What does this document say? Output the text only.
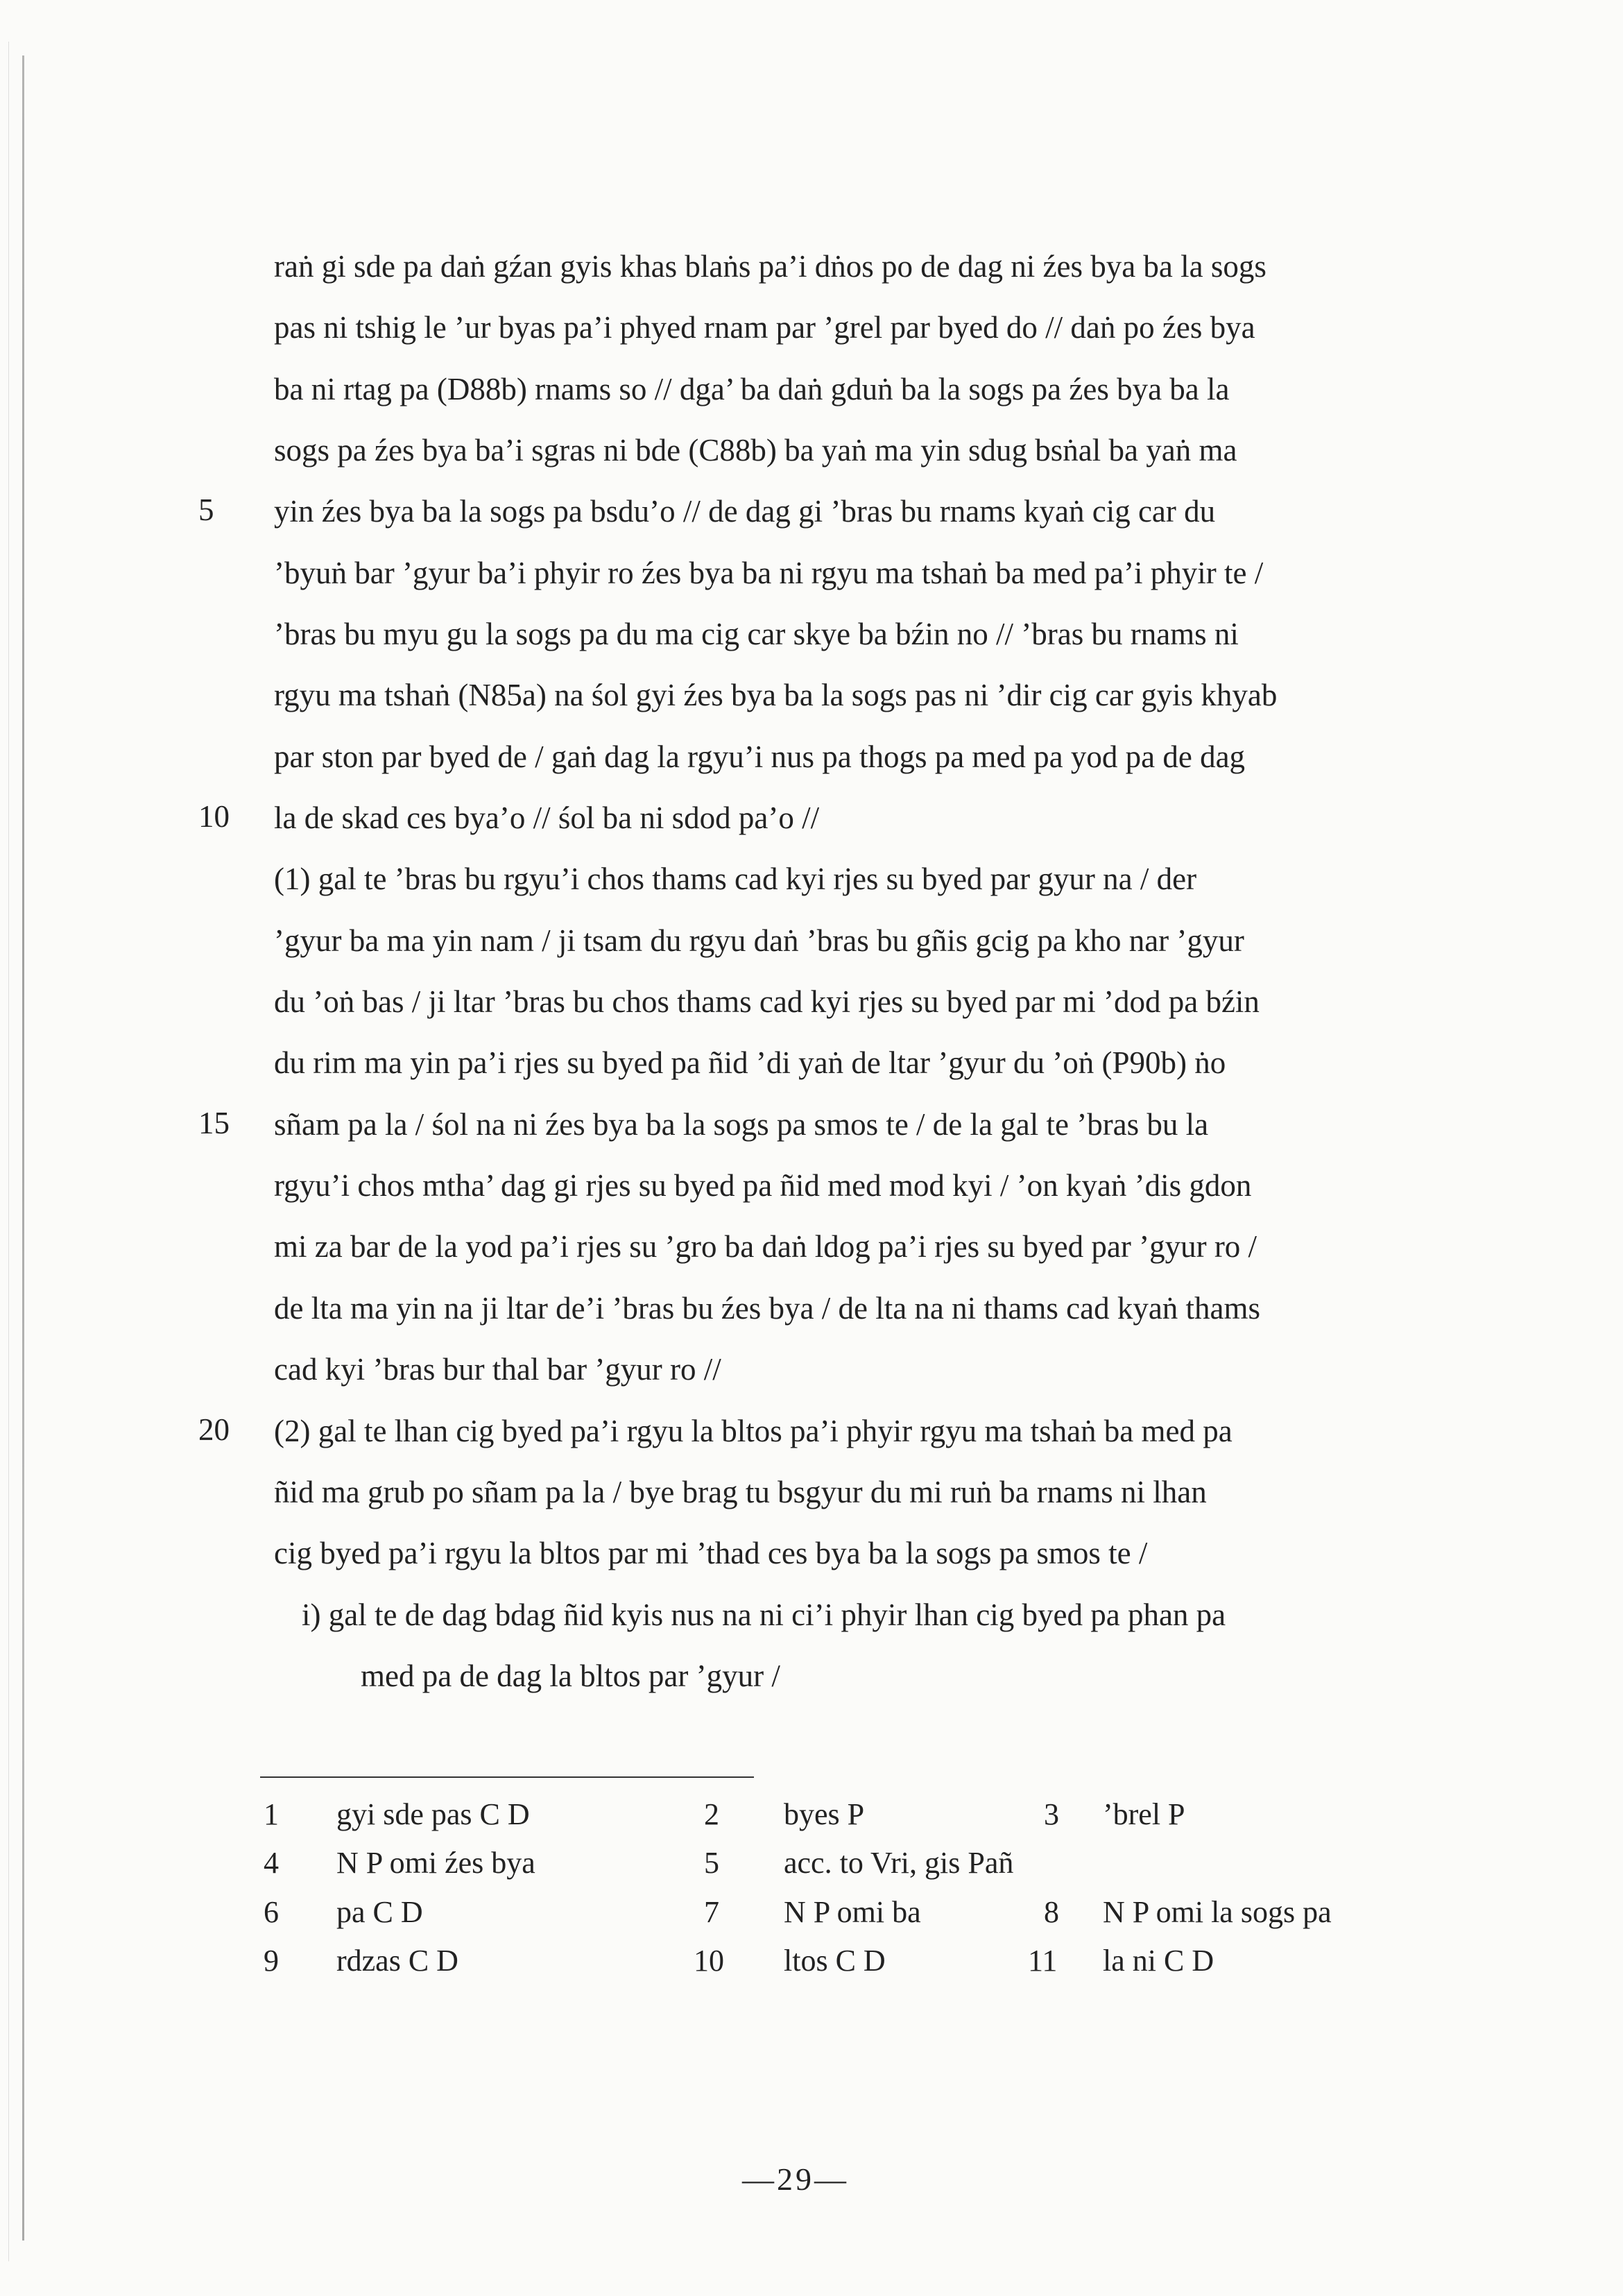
5
10
15
20
raṅ gi sde pa daṅ gźan gyis khas blaṅs pa’i dṅos po de dag ni źes bya ba la sogs
pas ni tshig le ’ur byas pa’i phyed rnam par ’grel par byed do // daṅ po źes bya
ba ni rtag pa (D88b) rnams so // dga’ ba daṅ gduṅ ba la sogs pa źes bya ba la
sogs pa źes bya ba’i sgras ni bde (C88b) ba yaṅ ma yin sdug bsṅal ba yaṅ ma
yin źes bya ba la sogs pa bsdu’o // de dag gi ’bras bu rnams kyaṅ cig car du
’byuṅ bar ’gyur ba’i phyir ro źes bya ba ni rgyu ma tshaṅ ba med pa’i phyir te /
’bras bu myu gu la sogs pa du ma cig car skye ba bźin no // ’bras bu rnams ni
rgyu ma tshaṅ (N85a) na śol gyi źes bya ba la sogs pas ni ’dir cig car gyis khyab
par ston par byed de / gaṅ dag la rgyu’i nus pa thogs pa med pa yod pa de dag
la de skad ces bya’o // śol ba ni sdod pa’o //
(1) gal te ’bras bu rgyu’i chos thams cad kyi rjes su byed par gyur na / der
’gyur ba ma yin nam / ji tsam du rgyu daṅ ’bras bu gñis gcig pa kho nar ’gyur
du ’oṅ bas / ji ltar ’bras bu chos thams cad kyi rjes su byed par mi ’dod pa bźin
du rim ma yin pa’i rjes su byed pa ñid ’di yaṅ de ltar ’gyur du ’oṅ (P90b) ṅo
sñam pa la / śol na ni źes bya ba la sogs pa smos te / de la gal te ’bras bu la
rgyu’i chos mtha’ dag gi rjes su byed pa ñid med mod kyi / ’on kyaṅ ’dis gdon
mi za bar de la yod pa’i rjes su ’gro ba daṅ ldog pa’i rjes su byed par ’gyur ro /
de lta ma yin na ji ltar de’i ’bras bu źes bya / de lta na ni thams cad kyaṅ thams
cad kyi ’bras bur thal bar ’gyur ro //
(2) gal te lhan cig byed pa’i rgyu la bltos pa’i phyir rgyu ma tshaṅ ba med pa
ñid ma grub po sñam pa la / bye brag tu bsgyur du mi ruṅ ba rnams ni lhan
cig byed pa’i rgyu la bltos par mi ’thad ces bya ba la sogs pa smos te /
i) gal te de dag bdag ñid kyis nus na ni ci’i phyir lhan cig byed pa phan pa
med pa de dag la bltos par ’gyur /
1 gyi sde pas C D	2 byes P	3 ’brel P
4 N P omi źes bya	5 acc. to Vri, gis Pañ
6 pa C D	7 N P omi ba	8 N P omi la sogs pa
9 rdzas C D	10 ltos C D	11 la ni C D
—29—
